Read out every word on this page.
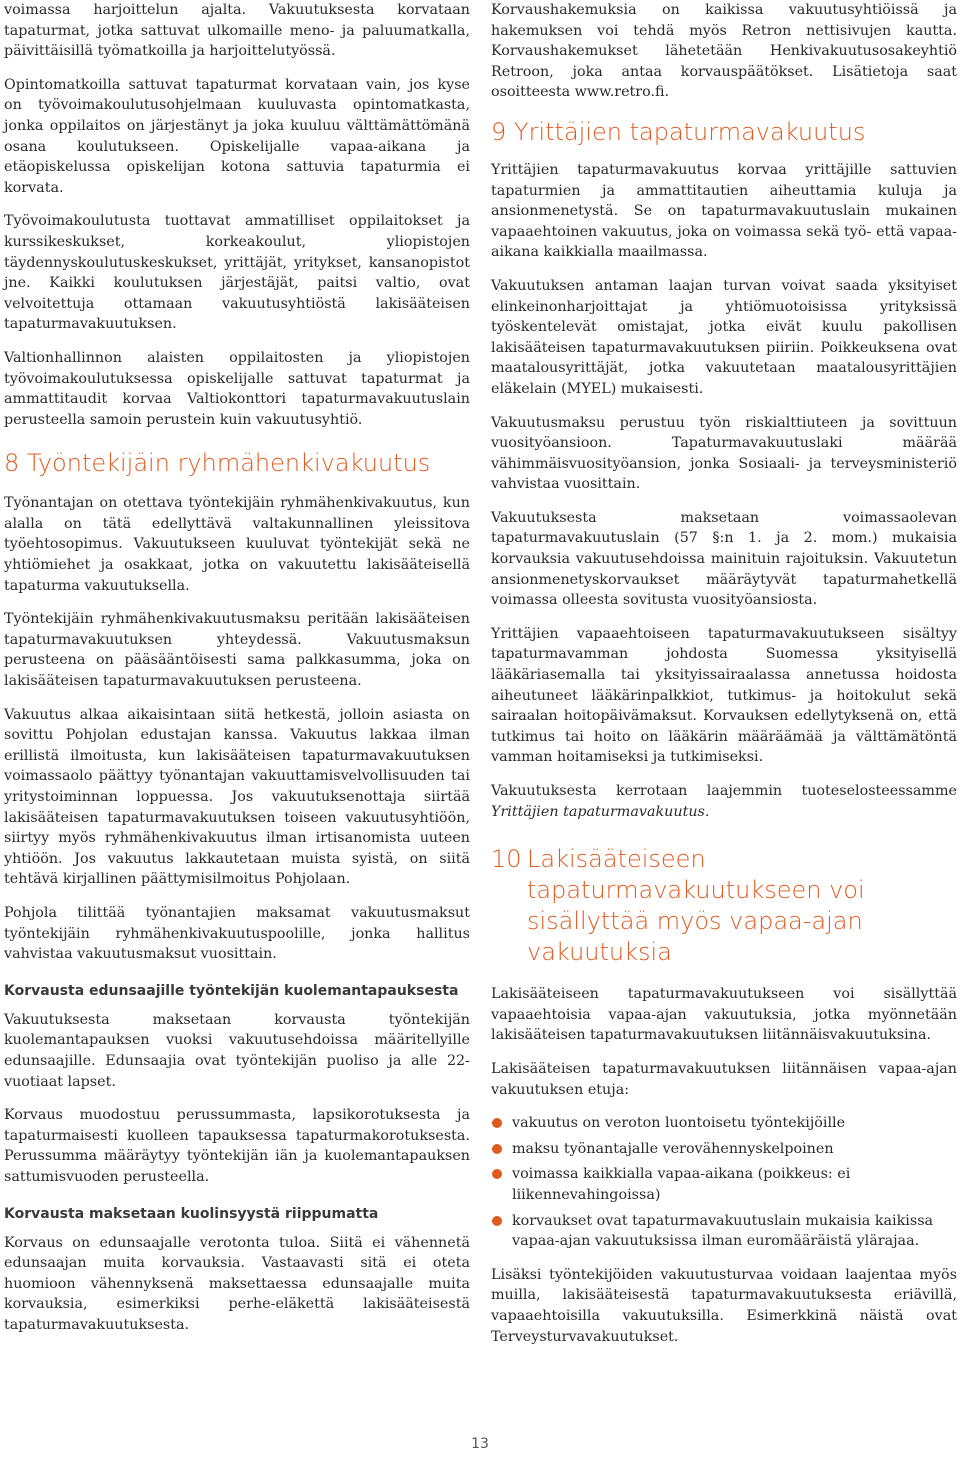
voimassa harjoittelun ajalta. Vakuutuksesta korvataan tapaturmat, jotka sattuvat ulkomaille meno- ja paluumatkalla, päivittäisillä työmatkoilla ja harjoittelutyössä.

Opintomatkoilla sattuvat tapaturmat korvataan vain, jos kyse on työvoimakoulutusohjelmaan kuuluvasta opintomatkasta, jonka oppilaitos on järjestänyt ja joka kuuluu välttämättömänä osana koulutukseen. Opiskelijalle vapaa-aikana ja etäopiskelussa opiskelijan kotona sattuvia tapaturmia ei korvata.

Työvoimakoulutusta tuottavat ammatilliset oppilaitokset ja kurssikeskukset, korkeakoulut, yliopistojen täydennyskoulutuskeskukset, yrittäjät, yritykset, kansanopistot jne. Kaikki koulutuksen järjestäjät, paitsi valtio, ovat velvoitettuja ottamaan vakuutusyhtiöstä lakisääteisen tapaturmavakuutuksen.

Valtionhallinnon alaisten oppilaitosten ja yliopistojen työvoimakoulutuksessa opiskelijalle sattuvat tapaturmat ja ammattitaudit korvaa Valtiokonttori tapaturmavakuutuslain perusteella samoin perustein kuin vakuutusyhtiö.

8 Työntekijäin ryhmähenkivakuutus

Työnantajan on otettava työntekijäin ryhmähenkivakuutus, kun alalla on tätä edellyttävä valtakunnallinen yleissitova työehtosopimus. Vakuutukseen kuuluvat työntekijät sekä ne yhtiömiehet ja osakkaat, jotka on vakuutettu lakisääteisellä tapaturma vakuutuksella.

Työntekijäin ryhmähenkivakuutusmaksu peritään lakisääteisen tapaturmavakuutuksen yhteydessä. Vakuutusmaksun perusteena on pääsääntöisesti sama palkkasumma, joka on lakisääteisen tapaturmavakuutuksen perusteena.

Vakuutus alkaa aikaisintaan siitä hetkestä, jolloin asiasta on sovittu Pohjolan edustajan kanssa. Vakuutus lakkaa ilman erillistä ilmoitusta, kun lakisääteisen tapaturmavakuutuksen voimassaolo päättyy työnantajan vakuuttamisvelvollisuuden tai yritystoiminnan loppuessa. Jos vakuutuksenottaja siirtää lakisääteisen tapaturmavakuutuksen toiseen vakuutusyhtiöön, siirtyy myös ryhmähenkivakuutus ilman irtisanomista uuteen yhtiöön. Jos vakuutus lakkautetaan muista syistä, on siitä tehtävä kirjallinen päättymisilmoitus Pohjolaan.

Pohjola tilittää työnantajien maksamat vakuutusmaksut työntekijäin ryhmähenkivakuutuspoolille, jonka hallitus vahvistaa vakuutusmaksut vuosittain.

Korvausta edunsaajille työntekijän kuolemantapauksesta

Vakuutuksesta maksetaan korvausta työntekijän kuolemantapauksen vuoksi vakuutusehdoissa määritellyille edunsaajille. Edunsaajia ovat työntekijän puoliso ja alle 22-vuotiaat lapset.

Korvaus muodostuu perussummasta, lapsikorotuksesta ja tapaturmaisesti kuolleen tapauksessa tapaturmakorotuksesta. Perussumma määräytyy työntekijän iän ja kuolemantapauksen sattumisvuoden perusteella.

Korvausta maksetaan kuolinsyystä riippumatta

Korvaus on edunsaajalle verotonta tuloa. Siitä ei vähennetä edunsaajan muita korvauksia. Vastaavasti sitä ei oteta huomioon vähennyksenä maksettaessa edunsaajalle muita korvauksia, esimerkiksi perhe-eläkettä lakisääteisestä tapaturmavakuutuksesta.

Korvaushakemuksia on kaikissa vakuutusyhtiöissä ja hakemuksen voi tehdä myös Retron nettisivujen kautta. Korvaushakemukset lähetetään Henkivakuutusosakeyhtiö Retroon, joka antaa korvauspäätökset. Lisätietoja saat osoitteesta www.retro.fi.

9 Yrittäjien tapaturmavakuutus

Yrittäjien tapaturmavakuutus korvaa yrittäjille sattuvien tapaturmien ja ammattitautien aiheuttamia kuluja ja ansionmenetystä. Se on tapaturmavakuutuslain mukainen vapaaehtoinen vakuutus, joka on voimassa sekä työ- että vapaa-aikana kaikkialla maailmassa.

Vakuutuksen antaman laajan turvan voivat saada yksityiset elinkeinonharjoittajat ja yhtiömuotoisissa yrityksissä työskentelevät omistajat, jotka eivät kuulu pakollisen lakisääteisen tapaturmavakuutuksen piiriin. Poikkeuksena ovat maatalousyrittäjät, jotka vakuutetaan maatalousyrittäjien eläkelain (MYEL) mukaisesti.

Vakuutusmaksu perustuu työn riskialttiuteen ja sovittuun vuosityöansioon. Tapaturmavakuutuslaki määrää vähimmäisvuosityöansion, jonka Sosiaali- ja terveysministeriö vahvistaa vuosittain.

Vakuutuksesta maksetaan voimassaolevan tapaturmavakuutuslain (57 §:n 1. ja 2. mom.) mukaisia korvauksia vakuutusehdoissa mainituin rajoituksin. Vakuutetun ansionmenetyskorvaukset määräytyvät tapaturmahetkellä voimassa olleesta sovitusta vuosityöansiosta.

Yrittäjien vapaaehtoiseen tapaturmavakuutukseen sisältyy tapaturmavamman johdosta Suomessa yksityisellä lääkäriasemalla tai yksityissairaalassa annetussa hoidosta aiheutuneet lääkärinpalkkiot, tutkimus- ja hoitokulut sekä sairaalan hoitopäivämaksut. Korvauksen edellytyksenä on, että tutkimus tai hoito on lääkärin määräämää ja välttämätöntä vamman hoitamiseksi ja tutkimiseksi.

Vakuutuksesta kerrotaan laajemmin tuoteselosteessamme Yrittäjien tapaturmavakuutus.

10 Lakisääteiseen tapaturmavakuutukseen voi sisällyttää myös vapaa-ajan vakuutuksia

Lakisääteiseen tapaturmavakuutukseen voi sisällyttää vapaaehtoisia vapaa-ajan vakuutuksia, jotka myönnetään lakisääteisen tapaturmavakuutuksen liitännäisvakuutuksina.

Lakisääteisen tapaturmavakuutuksen liitännäisen vapaa-ajan vakuutuksen etuja:

vakuutus on veroton luontoisetu työntekijöille
maksu työnantajalle verovähennyskelpoinen
voimassa kaikkialla vapaa-aikana (poikkeus: ei liikennevahingoissa)
korvaukset ovat tapaturmavakuutuslain mukaisia kaikissa vapaa-ajan vakuutuksissa ilman euromääräistä ylärajaa.

Lisäksi työntekijöiden vakuutusturvaa voidaan laajentaa myös muilla, lakisääteisestä tapaturmavakuutuksesta eriävillä, vapaaehtoisilla vakuutuksilla. Esimerkkinä näistä ovat Terveysturvavakuutukset.

13
